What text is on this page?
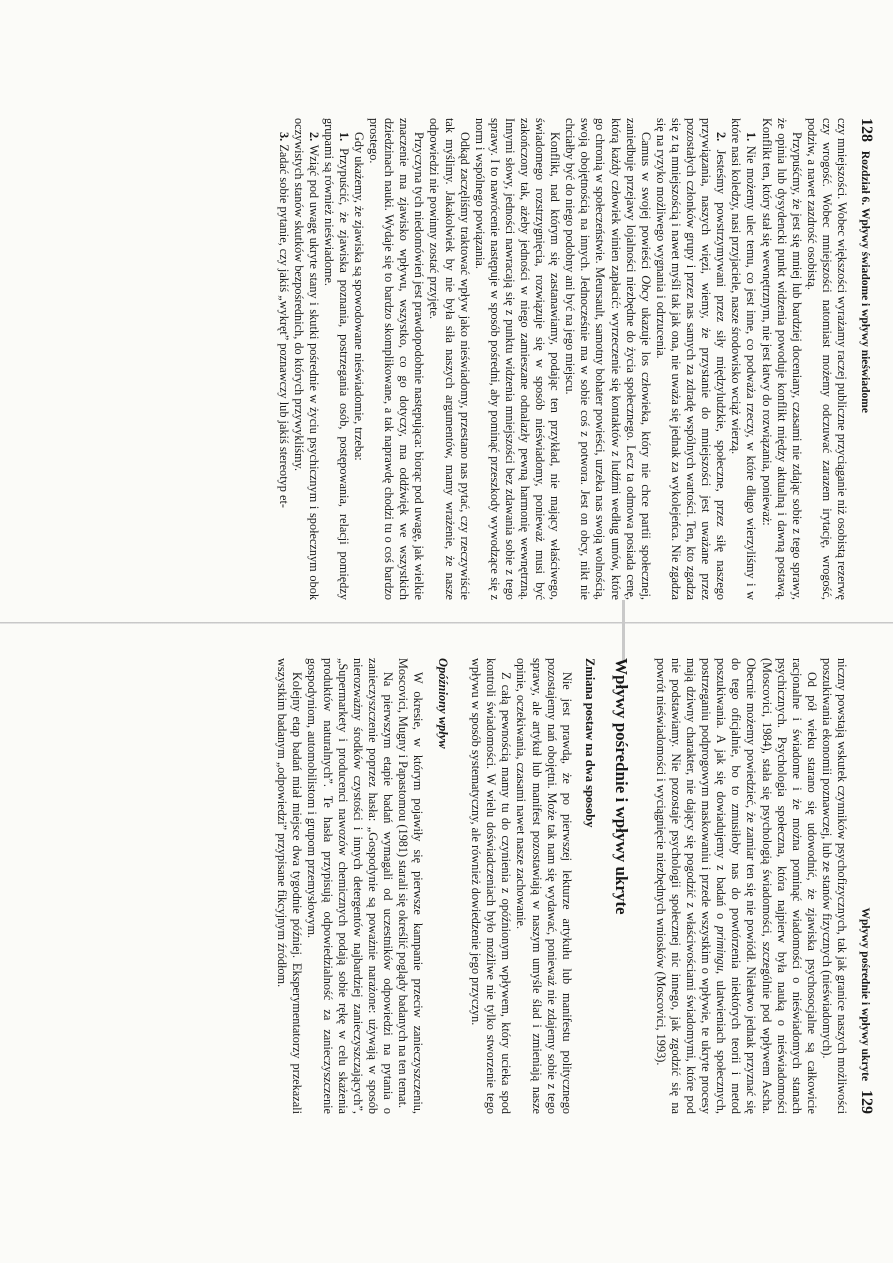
128 Rozdział 6. Wpływy świadome i wpływy nieświadome

czy mniejszości. Wobec większości wyrażamy raczej publiczne przyciąganie niż osobistą rezerwę czy wrogość. Wobec mniejszości natomiast możemy odczuwać zarazem irytację, wrogość, podziw, a nawet zazdrość osobistą.

Przypuśćmy, że jest się mniej lub bardziej doceniany, czasami nie zdając sobie z tego sprawy, że opinia lub dysydencki punkt widzenia powoduje konflikt między aktualną i dawną postawą. Konflikt ten, który stał się wewnętrznym, nie jest łatwy do rozwiązania, ponieważ:

1. Nie możemy ulec temu, co jest inne, co podważa rzeczy, w które długo wierzyliśmy i w które nasi koledzy, nasi przyjaciele, nasze środowisko wciąż wierzą.

2. Jesteśmy powstrzymywani przez siły międzyludzkie, społeczne, przez siłę naszego przywiązania, naszych więzi, wiemy, że przystanie do mniejszości jest uważane przez pozostałych członków grupy i przez nas samych za zdradę wspólnych wartości. Ten, kto zgadza się z tą mniejszością i nawet myśli tak jak ona, nie uważa się jednak za wykolejeńca. Nie zgadza się na ryzyko możliwego wygnania i odrzucenia.

Camus w swojej powieści Obcy ukazuje los człowieka, który nie chce partii społecznej, zaniedbuje przejawy lojalności niezbędne do życia społecznego. Lecz ta odmowa posiada cenę, którą każdy człowiek winien zapłacić: wyrzeczenie się kontaktów z ludźmi według umów, które go chronią w społeczeństwie. Meursault, samotny bohater powieści, urzeka nas swoją wolnością, swoją obojętnością na innych. Jednocześnie ma w sobie coś z potwora. Jest on obcy, nikt nie chciałby być do niego podobny ani być na jego miejscu.

Konflikt, nad którym się zastanawiamy, podając ten przykład, nie mający właściwego, świadomego rozstrzygnięcia, rozwiązuje się w sposób nieświadomy, ponieważ musi być zakończony tak, ażeby jedności w niego zamieszane odnalazły pewną harmonię wewnętrzną. Innymi słowy, jedności nawracają się z punktu widzenia mniejszości bez zdawania sobie z tego sprawy. I to nawrócenie następuje w sposób pośredni, aby pominąć przeszkody wywodzące się z norm i wspólnego powiązania.

Odkąd zaczęliśmy traktować wpływ jako nieświadomy, przestano nas pytać, czy rzeczywiście tak myślimy. Jakakolwiek by nie była siła naszych argumentów, mamy wrażenie, że nasze odpowiedzi nie powinny zostać przyjęte.

Przyczyna tych niedomówień jest prawdopodobnie następująca: biorąc pod uwagę, jak wielkie znaczenie ma zjawisko wpływu, wszystko, co go dotyczy, ma oddźwięk we wszystkich dziedzinach nauki. Wydaje się to bardzo skomplikowane, a tak naprawdę chodzi tu o coś bardzo prostego.

Gdy ukażemy, że zjawiska są spowodowane nieświadomie, trzeba:

1. Przypuścić, że zjawiska poznania, postrzegania osób, postępowania, relacji pomiędzy grupami są również nieświadome.

2. Wziąć pod uwagę ukryte stany i skutki pośrednie w życiu psychicznym i społecznym obok oczywistych stanów skutków bezpośrednich, do których przywykliśmy.

3. Zadać sobie pytanie, czy jakiś „wykręt” poznawczy lub jakiś stereotyp et-

Wpływy pośrednie i wpływy ukryte 129

niczny powstają wskutek czynników psychofizycznych, tak jak granice naszych możliwości poszukiwania ekonomii poznawczej, lub ze stanów fizycznych (nieświadomych).

Od pół wieku starano się udowodnić, że zjawiska psychosocjalne są całkowicie racjonalne i świadome i że można pominąć wiadomości o nieświadomych stanach psychicznych. Psychologia społeczna, która najpierw była nauką o nieświadomości (Moscovici, 1984), stała się psychologią świadomości, szczególnie pod wpływem Ascha. Obecnie możemy powiedzieć, że zamiar ten się nie powiódł. Niełatwo jednak przyznać się do tego oficjalnie, bo to zmusiłoby nas do powtórzenia niektórych teorii i metod poszukiwania. A jak się dowiadujemy z badań o primingu, ulatwieniach społecznych, postrzeganiu podprogowym maskowaniu i przede wszystkim o wpływie, te ukryte procesy mają dziwny charakter, nie dający się pogodzić z właściwościami świadomymi, które pod nie podstawiamy. Nie pozostaje psychologii społecznej nic innego, jak zgodzić się na powrót nieświadomości i wyciągnięcie niezbędnych wniosków (Moscovici, 1993).

Wpływy pośrednie i wpływy ukryte
Zmiana postaw na dwa sposoby

Nie jest prawdą, że po pierwszej lekturze artykułu lub manifestu politycznego pozostajemy nań obojętni. Może tak nam się wydawać, ponieważ nie zdajemy sobie z tego sprawy, ale artykuł lub manifest pozostawiają w naszym umyśle ślad i zmieniają nasze opinie, oczekiwania, czasami nawet nasze zachowanie.

Z całą pewnością mamy tu do czynienia z opóźnionym wpływem, który ucieka spod kontroli świadomości. W wielu doświadczeniach było możliwe nie tylko stworzenie tego wpływu w sposób systematyczny, ale również dowiedzenie jego przyczyn.

Opóźniony wpływ

W okresie, w którym pojawiły się pierwsze kampanie przeciw zanieczyszczeniu, Moscovici, Mugny i Papastomou (1981) starali się określić poglądy badanych na ten temat.

Na pierwszym etapie badań wymagali od uczestników odpowiedzi na pytania o zanieczyszczenie poprzez hasła: „Gospodynie są poważnie narażone: używają w sposób nierozważny środków czystości i innych detergentów najbardziej zanieczyszczających”, „Supermarkety i producenci nawozów chemicznych podają sobie rękę w celu skażenia produktów naturalnych”. Te hasła przypisują odpowiedzialność za zanieczyszczenie gospodyniom, automobilistom i grupom przemysłowym.

Kolejny etap badań miał miejsce dwa tygodnie później. Eksperymentatorzy przekazali wszystkim badanym „odpowiedzi” przypisane fikcyjnym źródłom.
